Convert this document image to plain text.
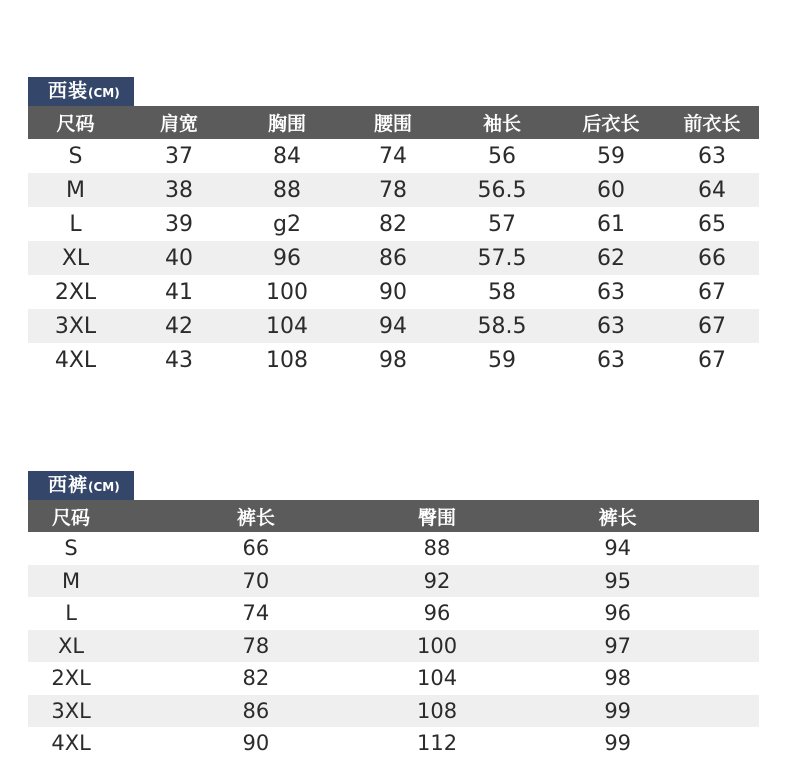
西装(CM)
尺码	肩宽	胸围	腰围	袖长	后衣长	前衣长
S	37	84	74	56	59	63
M	38	88	78	56.5	60	64
L	39	g2	82	57	61	65
XL	40	96	86	57.5	62	66
2XL	41	100	90	58	63	67
3XL	42	104	94	58.5	63	67
4XL	43	108	98	59	63	67
西裤(CM)
尺码	裤长	臀围	裤长
S	66	88	94
M	70	92	95
L	74	96	96
XL	78	100	97
2XL	82	104	98
3XL	86	108	99
4XL	90	112	99
